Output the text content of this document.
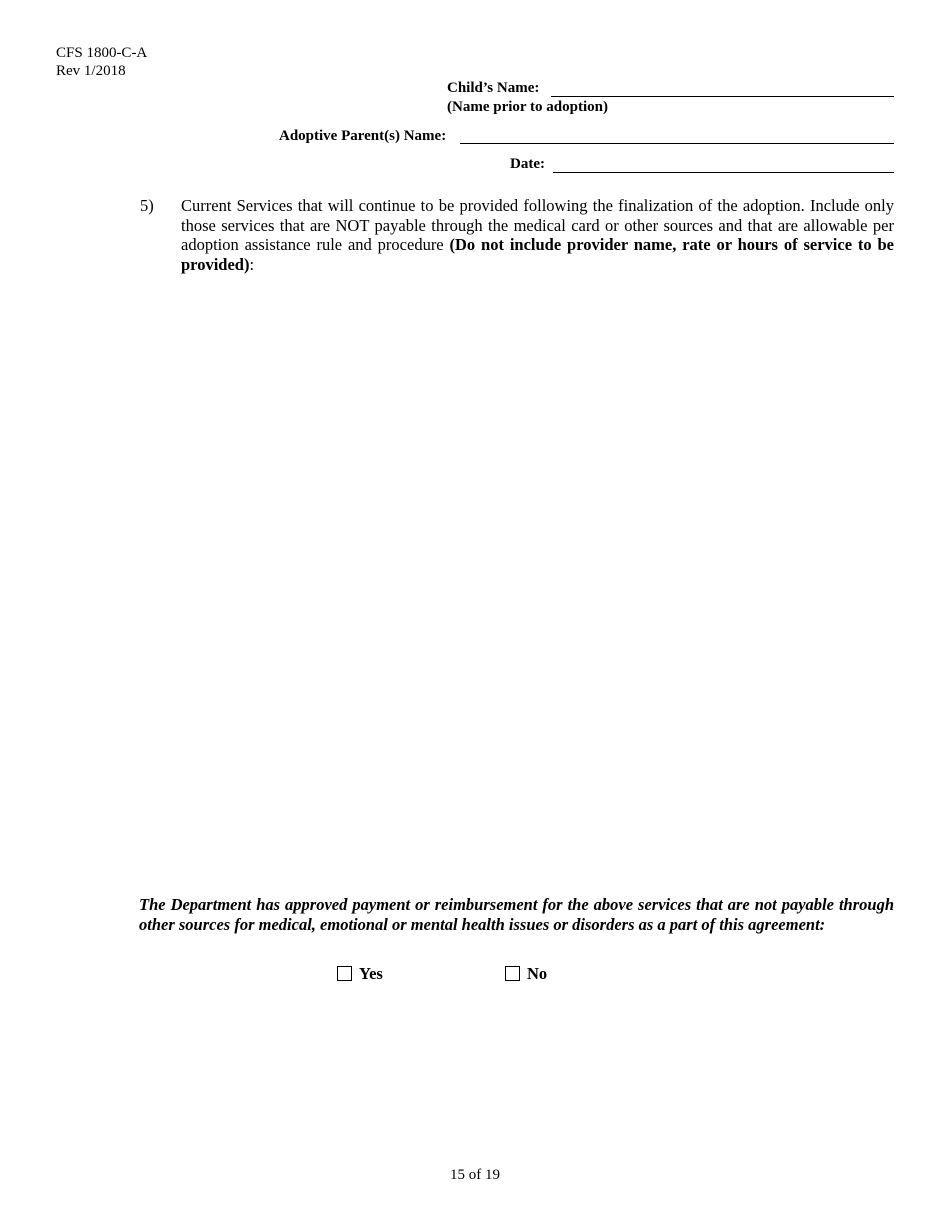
CFS 1800-C-A
Rev 1/2018
Child’s Name:
(Name prior to adoption)
Adoptive Parent(s) Name:
Date:
5) Current Services that will continue to be provided following the finalization of the adoption. Include only those services that are NOT payable through the medical card or other sources and that are allowable per adoption assistance rule and procedure (Do not include provider name, rate or hours of service to be provided):
The Department has approved payment or reimbursement for the above services that are not payable through other sources for medical, emotional or mental health issues or disorders as a part of this agreement:
Yes	No
15 of 19
